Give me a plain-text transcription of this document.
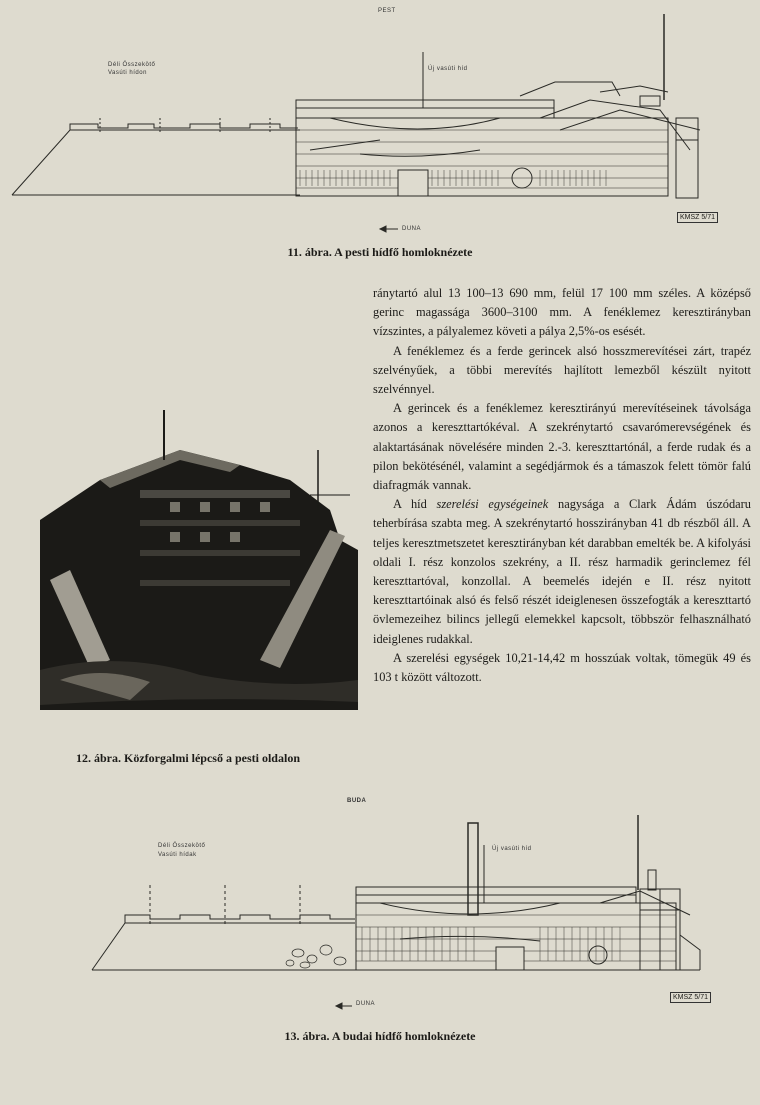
PEST
Déli Összekötő
Vasúti hídon
Új vasúti híd
DUNA
KMSZ 5/71
11. ábra. A pesti hídfő homloknézete
12. ábra. Közforgalmi lépcső a pesti oldalon

ránytartó alul 13 100–13 690 mm, felül 17 100 mm széles. A középső gerinc magassága 3600–3100 mm. A fenéklemez keresztirányban vízszintes, a pályalemez követi a pálya 2,5%-os esését.

A fenéklemez és a ferde gerincek alsó hosszmerevítései zárt, trapéz szelvényűek, a többi merevítés hajlított lemezből készült nyitott szelvénnyel.

A gerincek és a fenéklemez keresztirányú merevítéseinek távolsága azonos a kereszttartókéval. A szekrénytartó csavarómerevségének és alaktartásának növelésére minden 2.-3. kereszttartónál, a ferde rudak és a pilon bekötésénél, valamint a segédjármok és a támaszok felett tömör falú diafragmák vannak.

A híd szerelési egységeinek nagysága a Clark Ádám úszódaru teherbírása szabta meg. A szekrénytartó hosszirányban 41 db részből áll. A teljes keresztmetszetet keresztirányban két darabban emelték be. A kifolyási oldali I. rész konzolos szekrény, a II. rész harmadik gerinclemez fél kereszttartóval, konzollal. A beemelés idején e II. rész nyitott kereszttartóinak alsó és felső részét ideiglenesen összefogták a kereszttartó övlemezeihez bilincs jellegű elemekkel kapcsolt, többször felhasználható ideiglenes rudakkal.

A szerelési egységek 10,21-14,42 m hosszúak voltak, tömegük 49 és 103 t között változott.

BUDA
Déli Összekötő
Vasúti hídak
Új vasúti híd
DUNA
KMSZ 5/71
13. ábra. A budai hídfő homloknézete
